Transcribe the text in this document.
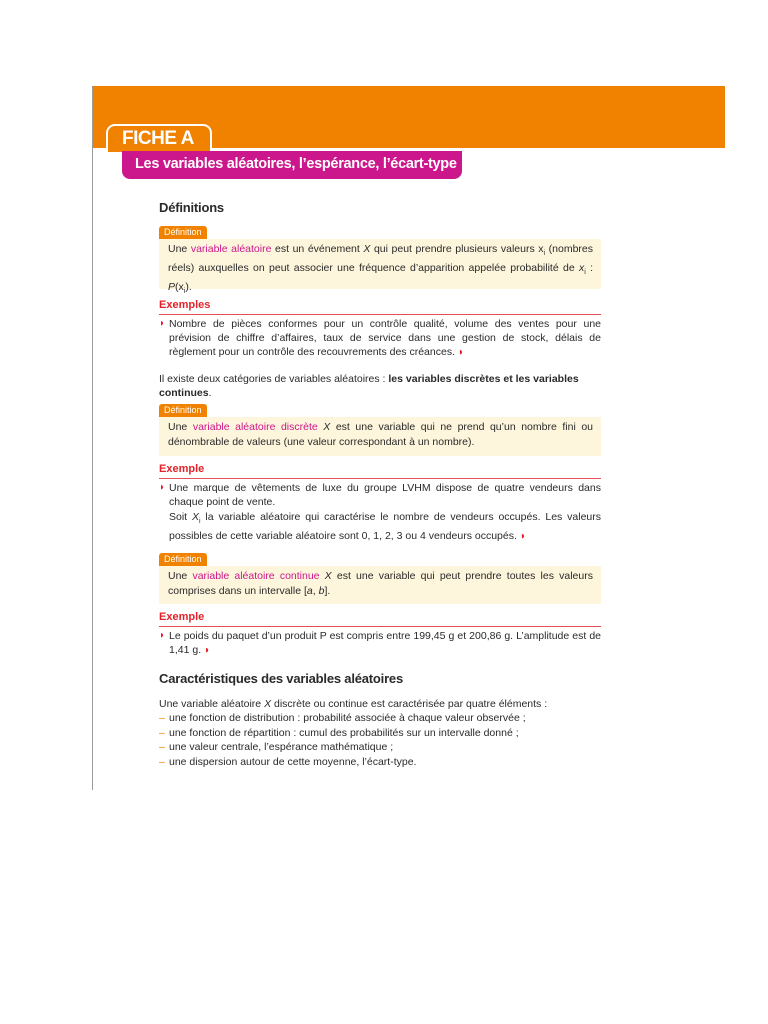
FICHE A
Les variables aléatoires, l’espérance, l’écart-type
Définitions
Définition
Une variable aléatoire est un événement X qui peut prendre plusieurs valeurs $x_i$ (nombres réels) auxquelles on peut associer une fréquence d’apparition appelée probabilité de $x_i$ : $P(x_i)$.
Exemples
◗ Nombre de pièces conformes pour un contrôle qualité, volume des ventes pour une prévision de chiffre d’affaires, taux de service dans une gestion de stock, délais de règlement pour un contrôle des recouvrements des créances. ◗
Il existe deux catégories de variables aléatoires : les variables discrètes et les variables continues.
Définition
Une variable aléatoire discrète X est une variable qui ne prend qu’un nombre fini ou dénombrable de valeurs (une valeur correspondant à un nombre).
Exemple
◗ Une marque de vêtements de luxe du groupe LVHM dispose de quatre vendeurs dans chaque point de vente.
Soit $X_i$ la variable aléatoire qui caractérise le nombre de vendeurs occupés. Les valeurs possibles de cette variable aléatoire sont 0, 1, 2, 3 ou 4 vendeurs occupés. ◗
Définition
Une variable aléatoire continue X est une variable qui peut prendre toutes les valeurs comprises dans un intervalle [a, b].
Exemple
◗ Le poids du paquet d’un produit P est compris entre 199,45 g et 200,86 g. L’amplitude est de 1,41 g. ◗
Caractéristiques des variables aléatoires
Une variable aléatoire X discrète ou continue est caractérisée par quatre éléments :
– une fonction de distribution : probabilité associée à chaque valeur observée ;
– une fonction de répartition : cumul des probabilités sur un intervalle donné ;
– une valeur centrale, l’espérance mathématique ;
– une dispersion autour de cette moyenne, l’écart-type.
